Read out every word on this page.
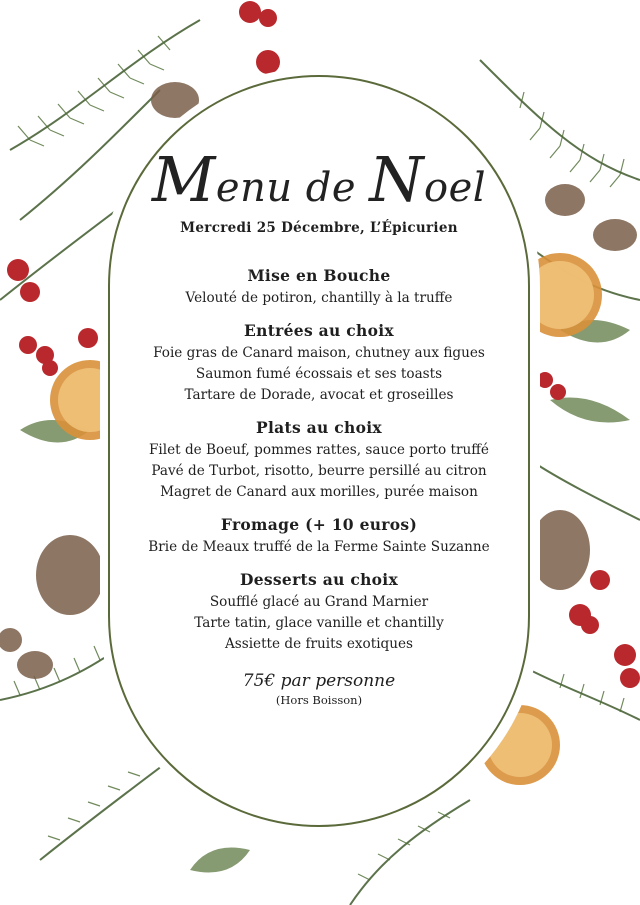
Menu de Noel
Mercredi 25 Décembre, L’Épicurien
Mise en Bouche
Velouté de potiron, chantilly à la truffe
Entrées au choix
Foie gras de Canard maison, chutney aux figues
Saumon fumé écossais et ses toasts
Tartare de Dorade, avocat et groseilles
Plats au choix
Filet de Boeuf, pommes rattes, sauce porto truffé
Pavé de Turbot, risotto, beurre persillé au citron
Magret de Canard aux morilles, purée maison
Fromage (+ 10 euros)
Brie de Meaux truffé de la Ferme Sainte Suzanne
Desserts au choix
Soufflé glacé au Grand Marnier
Tarte tatin, glace vanille et chantilly
Assiette de fruits exotiques
75€ par personne
(Hors Boisson)
